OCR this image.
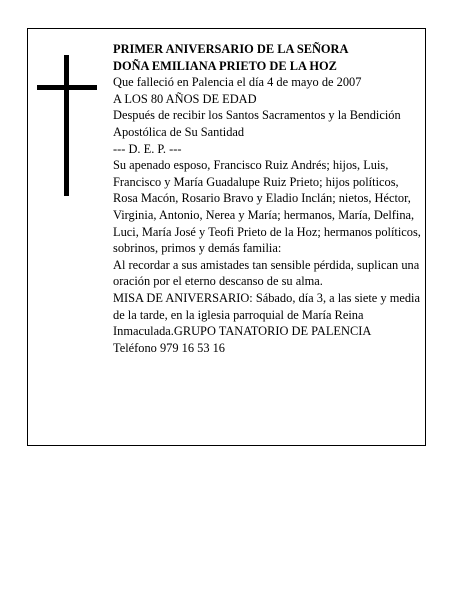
PRIMER ANIVERSARIO DE LA SEÑORA

DOÑA EMILIANA PRIETO DE LA HOZ

Que falleció en Palencia el día 4 de mayo de 2007

A LOS 80 AÑOS DE EDAD

Después de recibir los Santos Sacramentos y la Bendición Apostólica de Su Santidad

--- D. E. P. ---

Su apenado esposo, Francisco Ruiz Andrés; hijos, Luis, Francisco y María Guadalupe Ruiz Prieto; hijos políticos, Rosa Macón, Rosario Bravo y Eladio Inclán; nietos, Héctor, Virginia, Antonio, Nerea y María; hermanos, María, Delfina, Luci, María José y Teofi Prieto de la Hoz; hermanos políticos, sobrinos, primos y demás familia:

Al recordar a sus amistades tan sensible pérdida, suplican una oración por el eterno descanso de su alma.

MISA DE ANIVERSARIO: Sábado, día 3, a las siete y media de la tarde, en la iglesia parroquial de María Reina Inmaculada.GRUPO TANATORIO DE PALENCIA

Teléfono 979 16 53 16
